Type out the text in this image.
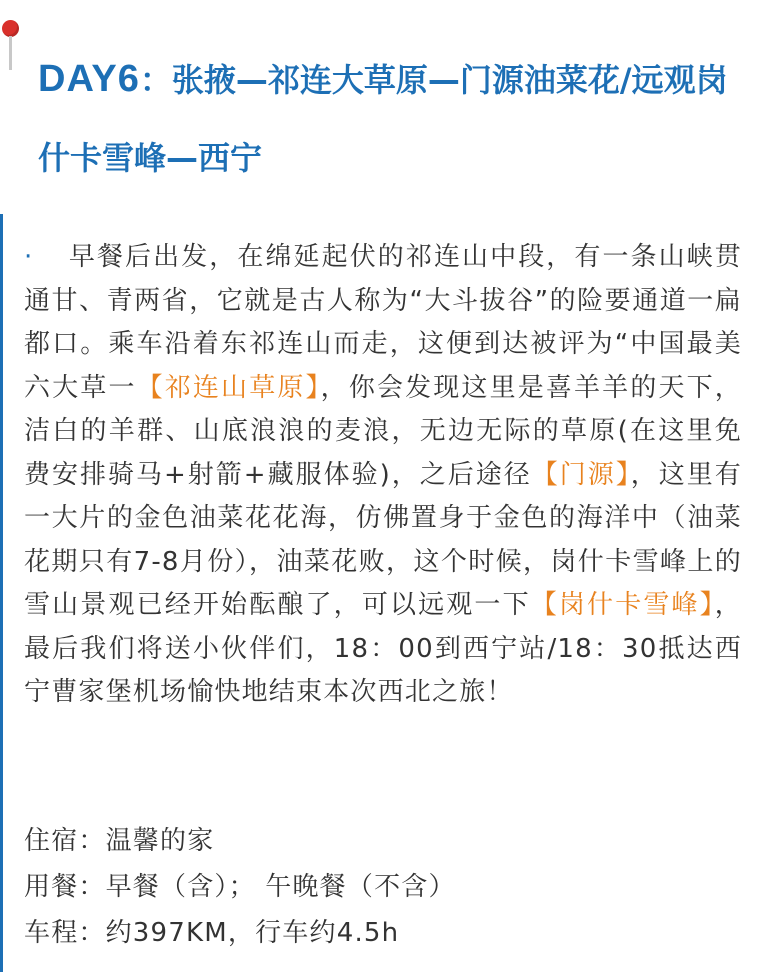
DAY6：张掖—祁连大草原—门源油菜花/远观岗什卡雪峰—西宁
· 早餐后出发，在绵延起伏的祁连山中段，有一条山峡贯通甘、青两省，它就是古人称为“大斗拔谷”的险要通道一扁都口。乘车沿着东祁连山而走，这便到达被评为“中国最美六大草一【祁连山草原】，你会发现这里是喜羊羊的天下，洁白的羊群、山底浪浪的麦浪，无边无际的草原(在这里免费安排骑马+射箭+藏服体验)，之后途径【门源】，这里有一大片的金色油菜花花海，仿佛置身于金色的海洋中（油菜花期只有7-8月份），油菜花败，这个时候，岗什卡雪峰上的雪山景观已经开始酝酿了，可以远观一下【岗什卡雪峰】，最后我们将送小伙伴们，18：00到西宁站/18：30抵达西宁曹家堡机场愉快地结束本次西北之旅！
住宿：温馨的家
用餐：早餐（含）； 午晚餐（不含）
车程：约397KM，行车约4.5h
